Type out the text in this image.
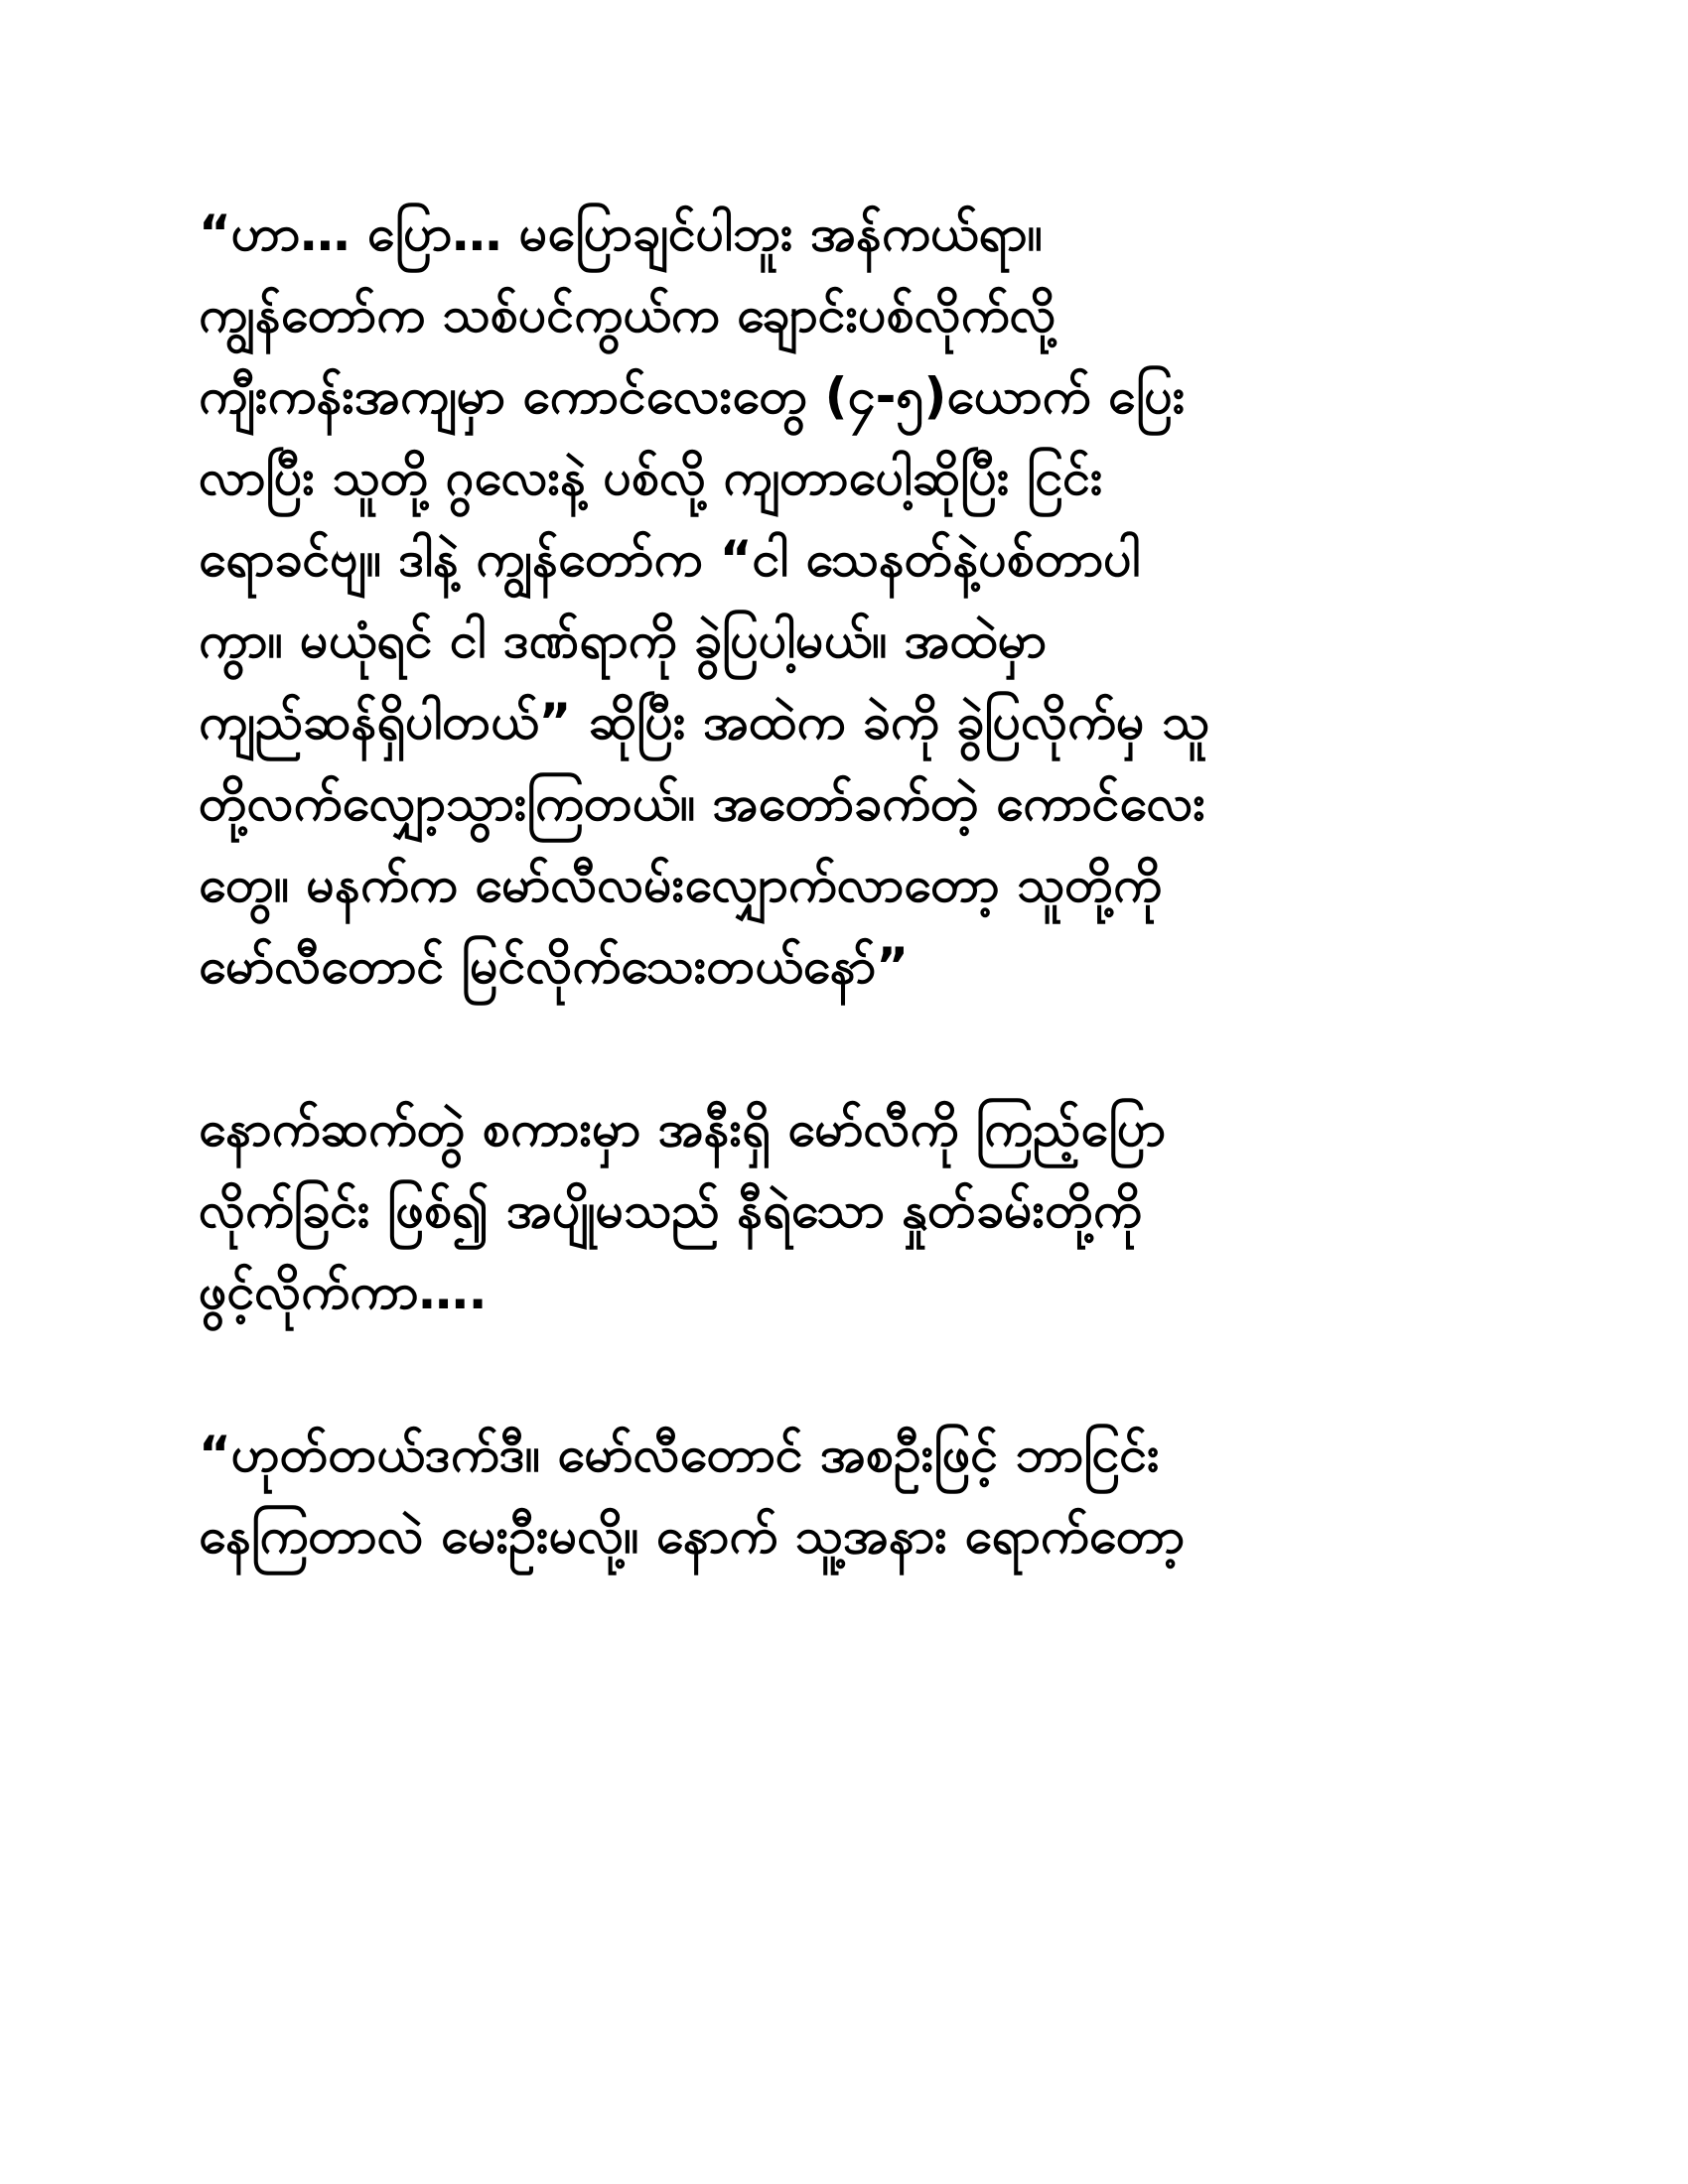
“ဟာ… ပြော… မပြောချင်ပါဘူး အန်ကယ်ရာ။
ကျွန်တော်က သစ်ပင်ကွယ်က ချောင်းပစ်လိုက်လို့
ကျီးကန်းအကျမှာ ကောင်လေးတွေ (၄-၅)ယောက် ပြေး
လာပြီး သူတို့ ဂွလေးနဲ့ ပစ်လို့ ကျတာပေါ့ဆိုပြီး ငြင်း
ရောခင်ဗျ။ ဒါနဲ့ ကျွန်တော်က “ငါ သေနတ်နဲ့ပစ်တာပါ
ကွာ။ မယုံရင် ငါ ဒဏ်ရာကို ခွဲပြပါ့မယ်။ အထဲမှာ
ကျည်ဆန်ရှိပါတယ်” ဆိုပြီး အထဲက ခဲကို ခွဲပြလိုက်မှ သူ
တို့လက်လျှော့သွားကြတယ်။ အတော်ခက်တဲ့ ကောင်လေး
တွေ။ မနက်က မော်လီလမ်းလျှောက်လာတော့ သူတို့ကို
မော်လီတောင် မြင်လိုက်သေးတယ်နော်”
နောက်ဆက်တွဲ စကားမှာ အနီးရှိ မော်လီကို ကြည့်ပြော
လိုက်ခြင်း ဖြစ်၍ အပျိုမသည် နီရဲသော နှုတ်ခမ်းတို့ကို
ဖွင့်လိုက်ကာ….
“ဟုတ်တယ်ဒက်ဒီ။ မော်လီတောင် အစဦးဖြင့် ဘာငြင်း
နေကြတာလဲ မေးဦးမလို့။ နောက် သူ့အနား ရောက်တော့
